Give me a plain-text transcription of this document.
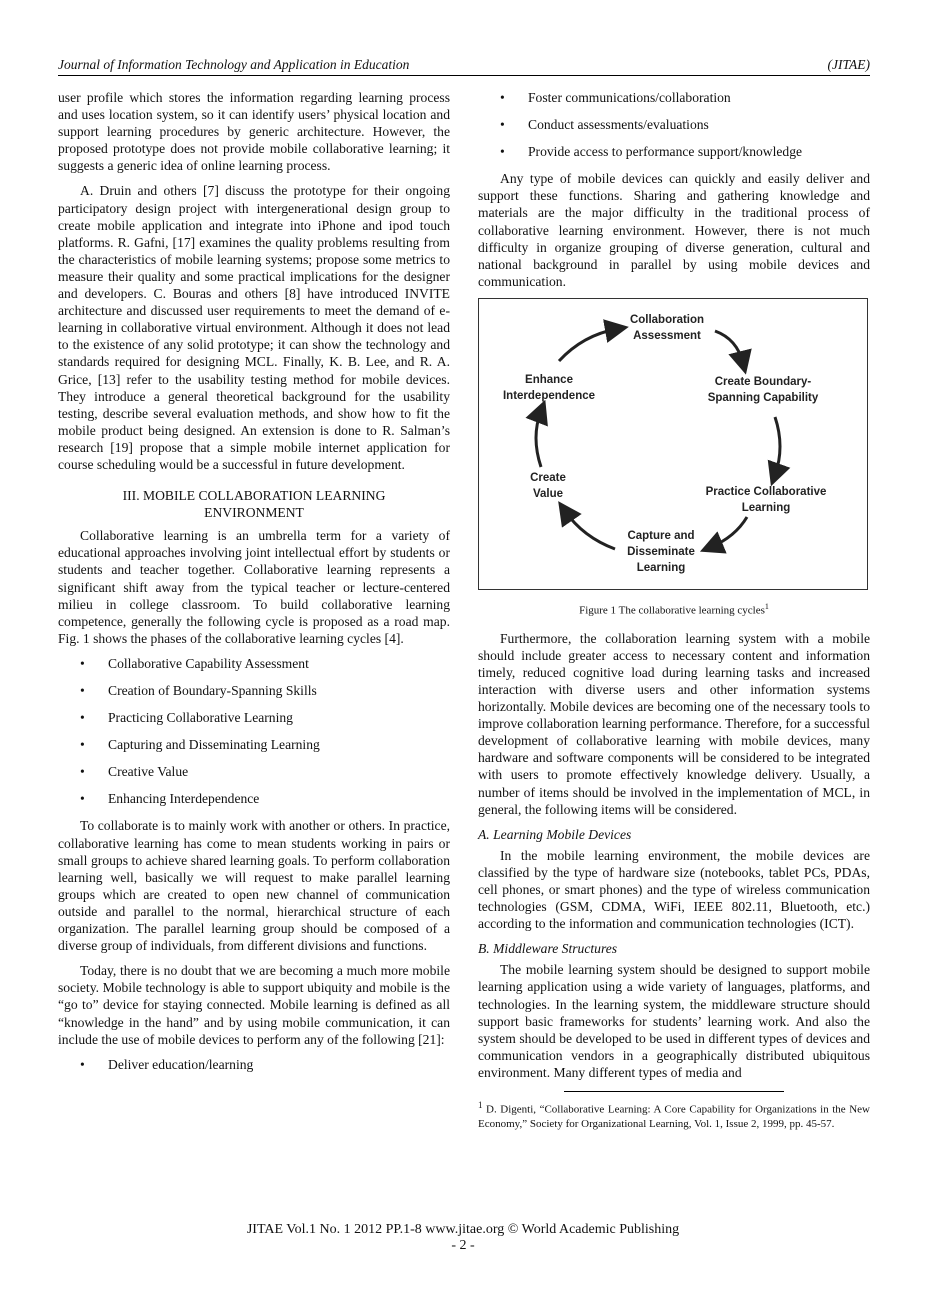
Journal of Information Technology and Application in Education	(JITAE)

user profile which stores the information regarding learning process and uses location system, so it can identify users’ physical location and support learning procedures by generic architecture. However, the proposed prototype does not provide mobile collaborative learning; it suggests a generic idea of online learning process.

A. Druin and others [7] discuss the prototype for their ongoing participatory design project with intergenerational design group to create mobile application and integrate into iPhone and ipod touch platforms. R. Gafni, [17] examines the quality problems resulting from the characteristics of mobile learning systems; propose some metrics to measure their quality and some practical implications for the designer and developers. C. Bouras and others [8] have introduced INVITE architecture and discussed user requirements to meet the demand of e-learning in collaborative virtual environment. Although it does not lead to the existence of any solid prototype; it can show the technology and standards required for designing MCL. Finally, K. B. Lee, and R. A. Grice, [13] refer to the usability testing method for mobile devices. They introduce a general theoretical background for the usability testing, describe several evaluation methods, and show how to fit the mobile product being designed. An extension is done to R. Salman’s research [19] propose that a simple mobile internet application for course scheduling would be a successful in future development.

III. MOBILE COLLABORATION LEARNING ENVIRONMENT

Collaborative learning is an umbrella term for a variety of educational approaches involving joint intellectual effort by students or students and teacher together. Collaborative learning represents a significant shift away from the typical teacher or lecture-centered milieu in college classroom. To build collaborative learning competence, generally the following cycle is proposed as a road map. Fig. 1 shows the phases of the collaborative learning cycles [4].

• Collaborative Capability Assessment
• Creation of Boundary-Spanning Skills
• Practicing Collaborative Learning
• Capturing and Disseminating Learning
• Creative Value
• Enhancing Interdependence

To collaborate is to mainly work with another or others. In practice, collaborative learning has come to mean students working in pairs or small groups to achieve shared learning goals. To perform collaboration learning well, basically we will request to make parallel learning groups which are created to open new channel of communication outside and parallel to the normal, hierarchical structure of each organization. The parallel learning group should be composed of a diverse group of individuals, from different divisions and functions.

Today, there is no doubt that we are becoming a much more mobile society. Mobile technology is able to support ubiquity and mobile is the “go to” device for staying connected. Mobile learning is defined as all “knowledge in the hand” and by using mobile communication, it can include the use of mobile devices to perform any of the following [21]:

• Deliver education/learning
• Foster communications/collaboration
• Conduct assessments/evaluations
• Provide access to performance support/knowledge

Any type of mobile devices can quickly and easily deliver and support these functions. Sharing and gathering knowledge and materials are the major difficulty in the traditional process of collaborative learning environment. However, there is not much difficulty in organize grouping of diverse generation, cultural and national background in parallel by using mobile devices and communication.

Collaboration Assessment
Create Boundary-Spanning Capability
Practice Collaborative Learning
Capture and Disseminate Learning
Create Value
Enhance Interdependence
Figure 1 The collaborative learning cycles$^1$

Furthermore, the collaboration learning system with a mobile should include greater access to necessary content and information timely, reduced cognitive load during learning tasks and increased interaction with diverse users and other information systems horizontally. Mobile devices are becoming one of the necessary tools to improve collaboration learning performance. Therefore, for a successful development of collaborative learning with mobile devices, many hardware and software components will be considered to be integrated with users to promote effectively knowledge delivery. Usually, a number of items should be involved in the implementation of MCL, in general, the following items will be considered.

A. Learning Mobile Devices

In the mobile learning environment, the mobile devices are classified by the type of hardware size (notebooks, tablet PCs, PDAs, cell phones, or smart phones) and the type of wireless communication technologies (GSM, CDMA, WiFi, IEEE 802.11, Bluetooth, etc.) according to the information and communication technologies (ICT).

B. Middleware Structures

The mobile learning system should be designed to support mobile learning application using a wide variety of languages, platforms, and technologies. In the learning system, the middleware structure should support basic frameworks for students’ learning work. And also the system should be developed to be used in different types of devices and communication vendors in a geographically distributed ubiquitous environment. Many different types of media and

$^1$ D. Digenti, “Collaborative Learning: A Core Capability for Organizations in the New Economy,” Society for Organizational Learning, Vol. 1, Issue 2, 1999, pp. 45-57.
JITAE Vol.1 No. 1 2012 PP.1-8 www.jitae.org © World Academic Publishing
- 2 -
